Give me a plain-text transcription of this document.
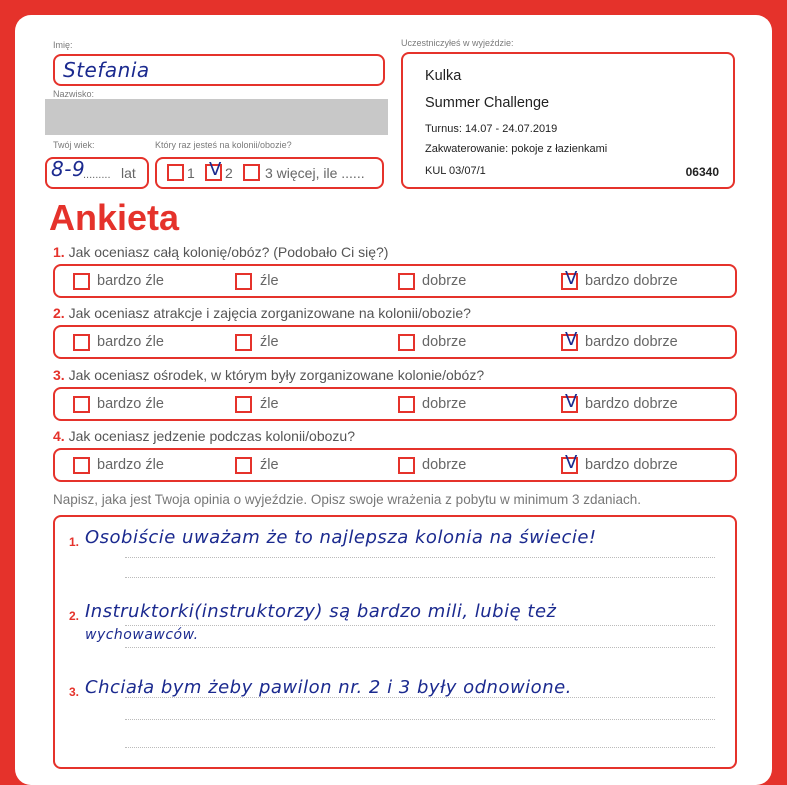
Imię:
Stefania
Nazwisko:
Twój wiek:
8-9
......... lat
Który raz jesteś na kolonii/obozie?
1 V 2 3 więcej, ile ......
Uczestniczyłeś w wyjeździe:
Kulka
Summer Challenge
Turnus: 14.07 - 24.07.2019
Zakwaterowanie: pokoje z łazienkami
KUL 03/07/1	06340
Ankieta
1. Jak oceniasz całą kolonię/obóz? (Podobało Ci się?)
bardzo źle	źle	dobrze	V bardzo dobrze
2. Jak oceniasz atrakcje i zajęcia zorganizowane na kolonii/obozie?
bardzo źle	źle	dobrze	V bardzo dobrze
3. Jak oceniasz ośrodek, w którym były zorganizowane kolonie/obóz?
bardzo źle	źle	dobrze	V bardzo dobrze
4. Jak oceniasz jedzenie podczas kolonii/obozu?
bardzo źle	źle	dobrze	V bardzo dobrze
Napisz, jaka jest Twoja opinia o wyjeździe. Opisz swoje wrażenia z pobytu w minimum 3 zdaniach.
1. Osobiście uważam że to najlepsza kolonia na świecie!
2. Instruktorki(instruktorzy) są bardzo mili, lubię też
wychowawców.
3. Chciała bym żeby pawilon nr. 2 i 3 były odnowione.
